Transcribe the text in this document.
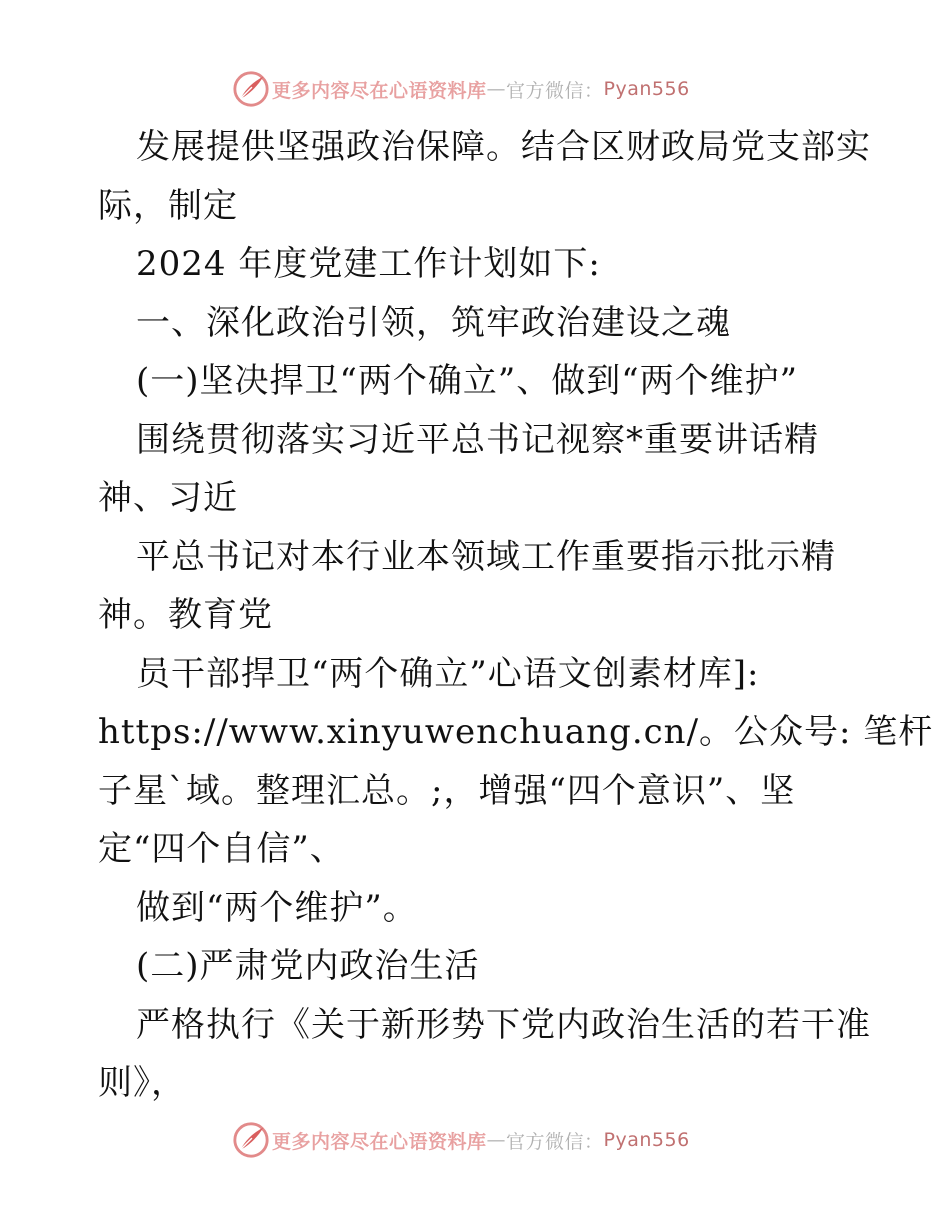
更多内容尽在心语资料库 — 官方微信： Pyan556
发展提供坚强政治保障。结合区财政局党支部实
际，制定
2024 年度党建工作计划如下:
一、深化政治引领，筑牢政治建设之魂
(一)坚决捍卫“两个确立”、做到“两个维护”
围绕贯彻落实习近平总书记视察*重要讲话精
神、习近
平总书记对本行业本领域工作重要指示批示精
神。教育党
员干部捍卫“两个确立”心语文创素材库]:
https://www.xinyuwenchuang.cn/。公众号: 笔杆
子星`域。整理汇总。;，增强“四个意识”、坚
定“四个自信”、
做到“两个维护”。
(二)严肃党内政治生活
严格执行《关于新形势下党内政治生活的若干准
则》，
更多内容尽在心语资料库 — 官方微信： Pyan556
